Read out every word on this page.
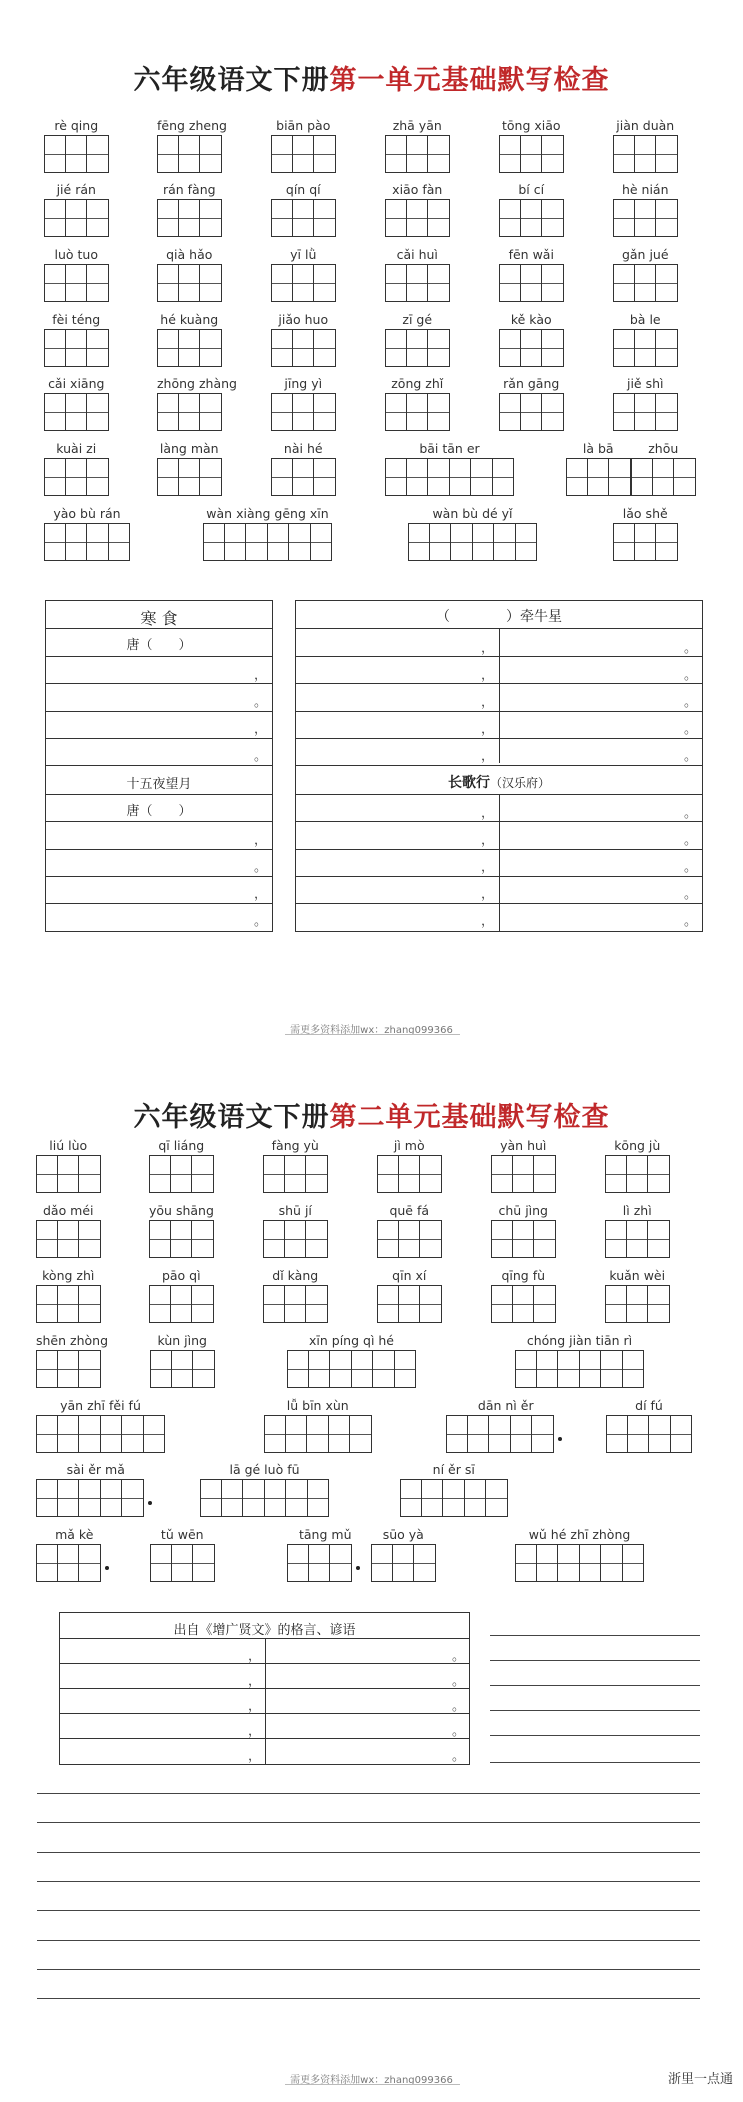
六年级语文下册第一单元基础默写检查
rè qing	fēng zheng	biān pào	zhā yān	tōng xiāo	jiàn duàn
jié rán	rán fàng	qín qí	xiāo fàn	bí cí	hè nián
luò tuo	qià hǎo	yī lǜ	cǎi huì	fēn wǎi	gǎn jué
fèi téng	hé kuàng	jiǎo huo	zī gé	kě kào	bà le
cǎi xiāng	zhōng zhàng	jīng yì	zōng zhǐ	rǎn gāng	jiě shì
kuài zi	làng màn	nài hé	bāi tān er	là bā	zhōu
yào bù rán	wàn xiàng gēng xīn	wàn bù dé yǐ	lǎo shě
寒 食
唐（　　）
，
。
，
。
十五夜望月
唐（　　）
，
。
，
。
（　　　　）牵牛星
，	。
，	。
，	。
，	。
，	。
长歌行（汉乐府）
，	。
，	。
，	。
，	。
，	。
需更多资料添加wx：zhang099366
六年级语文下册第二单元基础默写检查
liú lùo	qī liáng	fàng yù	jì mò	yàn huì	kōng jù
dǎo méi	yōu shāng	shū jí	quē fá	chū jìng	lì zhì
kòng zhì	pāo qì	dǐ kàng	qīn xí	qīng fù	kuǎn wèi
shēn zhòng	kùn jìng	xīn píng qì hé	chóng jiàn tiān rì
yān zhī fěi fú	lǚ bīn xùn	dān nì ěr	dí fú
sài ěr mǎ	lā gé luò fū	ní ěr sī
mǎ kè	tǔ wēn	tāng mǔ	sūo yà	wǔ hé zhī zhòng
出自《增广贤文》的格言、谚语
，	。
，	。
，	。
，	。
，	。
需更多资料添加wx：zhang099366	浙里一点通
